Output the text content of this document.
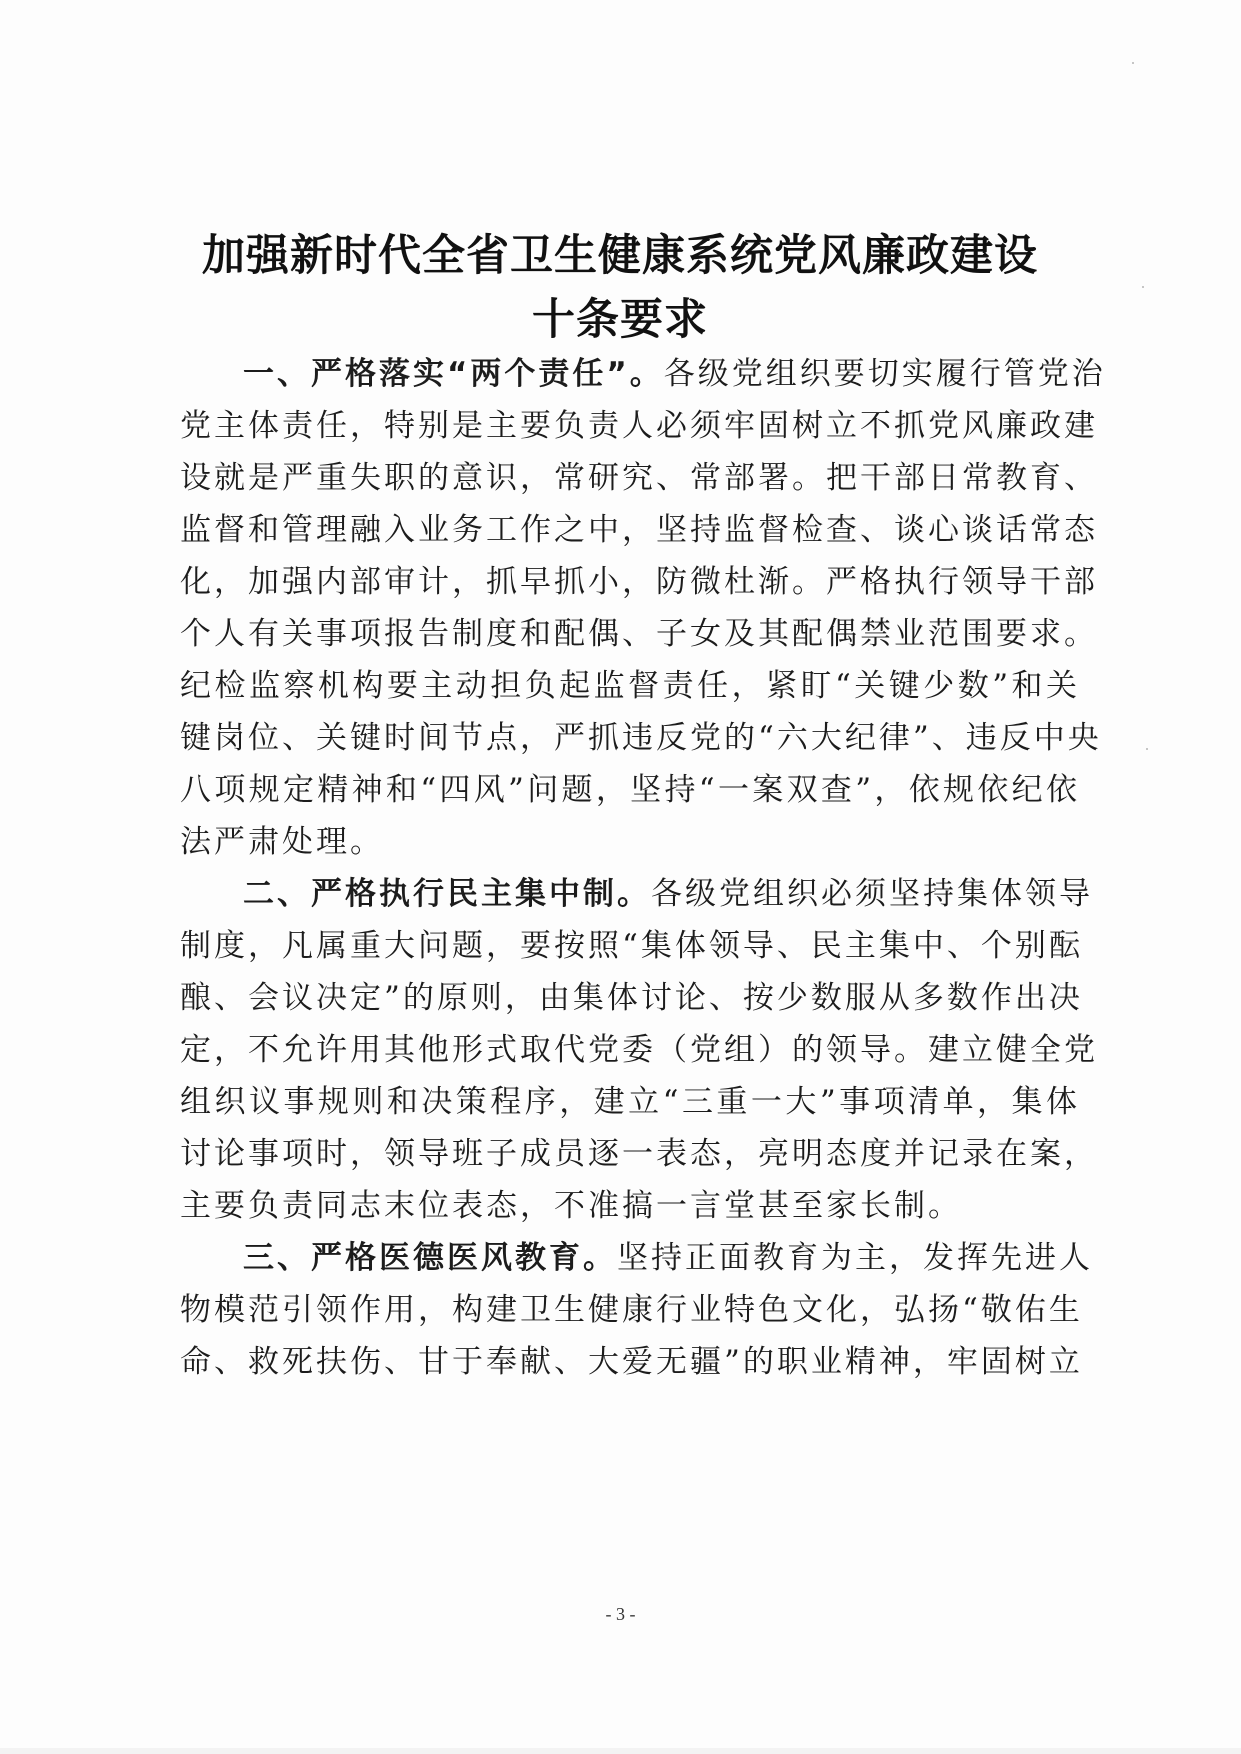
加强新时代全省卫生健康系统党风廉政建设
十条要求
一、严格落实“两个责任”。各级党组织要切实履行管党治
党主体责任，特别是主要负责人必须牢固树立不抓党风廉政建
设就是严重失职的意识，常研究、常部署。把干部日常教育、
监督和管理融入业务工作之中，坚持监督检查、谈心谈话常态
化，加强内部审计，抓早抓小，防微杜渐。严格执行领导干部
个人有关事项报告制度和配偶、子女及其配偶禁业范围要求。
纪检监察机构要主动担负起监督责任，紧盯“关键少数”和关
键岗位、关键时间节点，严抓违反党的“六大纪律”、违反中央
八项规定精神和“四风”问题，坚持“一案双查”，依规依纪依
法严肃处理。
二、严格执行民主集中制。各级党组织必须坚持集体领导
制度，凡属重大问题，要按照“集体领导、民主集中、个别酝
酿、会议决定”的原则，由集体讨论、按少数服从多数作出决
定，不允许用其他形式取代党委（党组）的领导。建立健全党
组织议事规则和决策程序，建立“三重一大”事项清单，集体
讨论事项时，领导班子成员逐一表态，亮明态度并记录在案，
主要负责同志末位表态，不准搞一言堂甚至家长制。
三、严格医德医风教育。坚持正面教育为主，发挥先进人
物模范引领作用，构建卫生健康行业特色文化，弘扬“敬佑生
命、救死扶伤、甘于奉献、大爱无疆”的职业精神，牢固树立
- 3 -
